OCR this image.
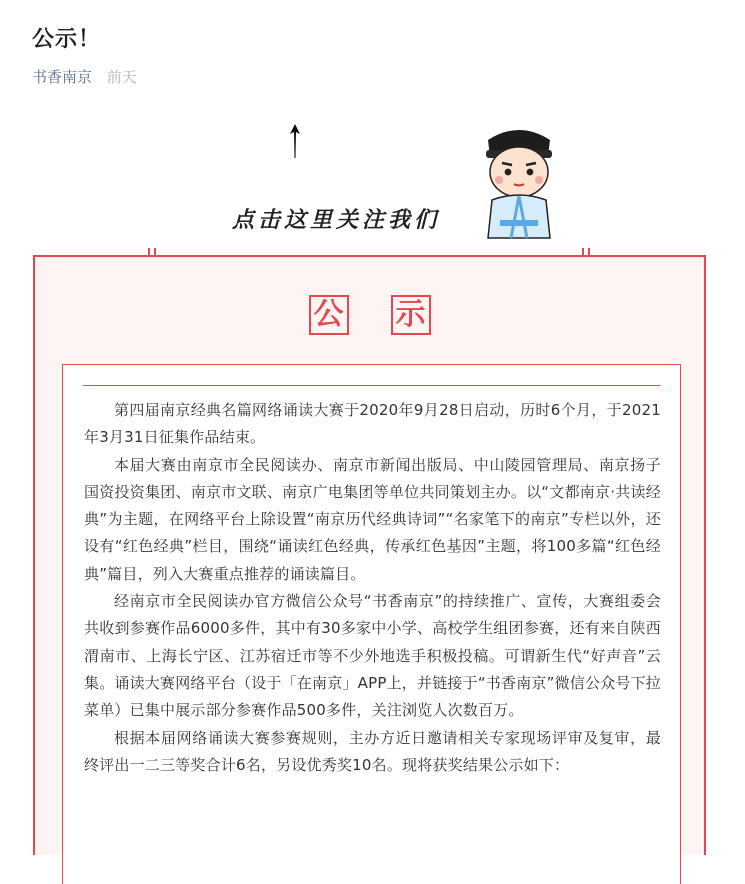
公示！
书香南京 前天
点击这里关注我们
公 示

第四届南京经典名篇网络诵读大赛于2020年9月28日启动，历时6个月，于2021年3月31日征集作品结束。

本届大赛由南京市全民阅读办、南京市新闻出版局、中山陵园管理局、南京扬子国资投资集团、南京市文联、南京广电集团等单位共同策划主办。以“文都南京·共读经典”为主题，在网络平台上除设置“南京历代经典诗词”“名家笔下的南京”专栏以外，还设有“红色经典”栏目，围绕“诵读红色经典，传承红色基因”主题，将100多篇“红色经典”篇目，列入大赛重点推荐的诵读篇目。

经南京市全民阅读办官方微信公众号“书香南京”的持续推广、宣传，大赛组委会共收到参赛作品6000多件，其中有30多家中小学、高校学生组团参赛，还有来自陕西渭南市、上海长宁区、江苏宿迁市等不少外地选手积极投稿。可谓新生代“好声音”云集。诵读大赛网络平台（设于「在南京」APP上，并链接于“书香南京”微信公众号下拉菜单）已集中展示部分参赛作品500多件，关注浏览人次数百万。

根据本届网络诵读大赛参赛规则，主办方近日邀请相关专家现场评审及复审，最终评出一二三等奖合计6名，另设优秀奖10名。现将获奖结果公示如下：
